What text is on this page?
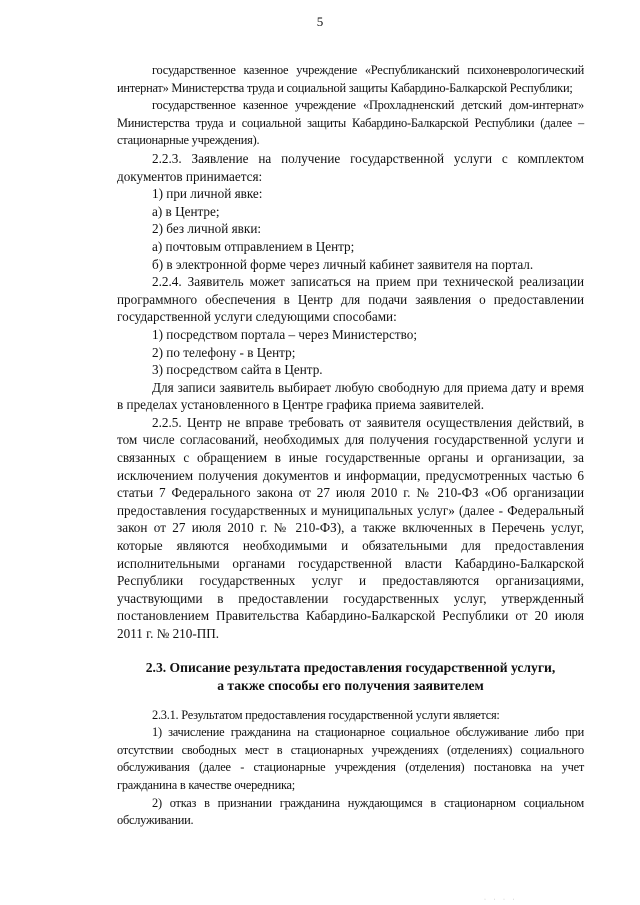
5

государственное казенное учреждение «Республиканский психоневрологический интернат» Министерства труда и социальной защиты Кабардино-Балкарской Республики;

государственное казенное учреждение «Прохладненский детский дом-интернат» Министерства труда и социальной защиты Кабардино-Балкарской Республики (далее – стационарные учреждения).

2.2.3. Заявление на получение государственной услуги с комплектом документов принимается:

1) при личной явке:

а) в Центре;

2) без личной явки:

а) почтовым отправлением в Центр;

б) в электронной форме через личный кабинет заявителя на портал.

2.2.4. Заявитель может записаться на прием при технической реализации программного обеспечения в Центр для подачи заявления о предоставлении государственной услуги следующими способами:

1) посредством портала – через Министерство;

2) по телефону - в Центр;

3) посредством сайта в Центр.

Для записи заявитель выбирает любую свободную для приема дату и время в пределах установленного в Центре графика приема заявителей.

2.2.5. Центр не вправе требовать от заявителя осуществления действий, в том числе согласований, необходимых для получения государственной услуги и связанных с обращением в иные государственные органы и организации, за исключением получения документов и информации, предусмотренных частью 6 статьи 7 Федерального закона от 27 июля 2010 г. № 210-ФЗ «Об организации предоставления государственных и муниципальных услуг» (далее - Федеральный закон от 27 июля 2010 г. № 210-ФЗ), а также включенных в Перечень услуг, которые являются необходимыми и обязательными для предоставления исполнительными органами государственной власти Кабардино-Балкарской Республики государственных услуг и предоставляются организациями, участвующими в предоставлении государственных услуг, утвержденный постановлением Правительства Кабардино-Балкарской Республики от 20 июля 2011 г. № 210-ПП.

2.3. Описание результата предоставления государственной услуги,

а также способы его получения заявителем

2.3.1. Результатом предоставления государственной услуги является:

1) зачисление гражданина на стационарное социальное обслуживание либо при отсутствии свободных мест в стационарных учреждениях (отделениях) социального обслуживания (далее - стационарные учреждения (отделения) постановка на учет гражданина в качестве очередника;

2) отказ в признании гражданина нуждающимся в стационарном социальном обслуживании.

· · · ·
